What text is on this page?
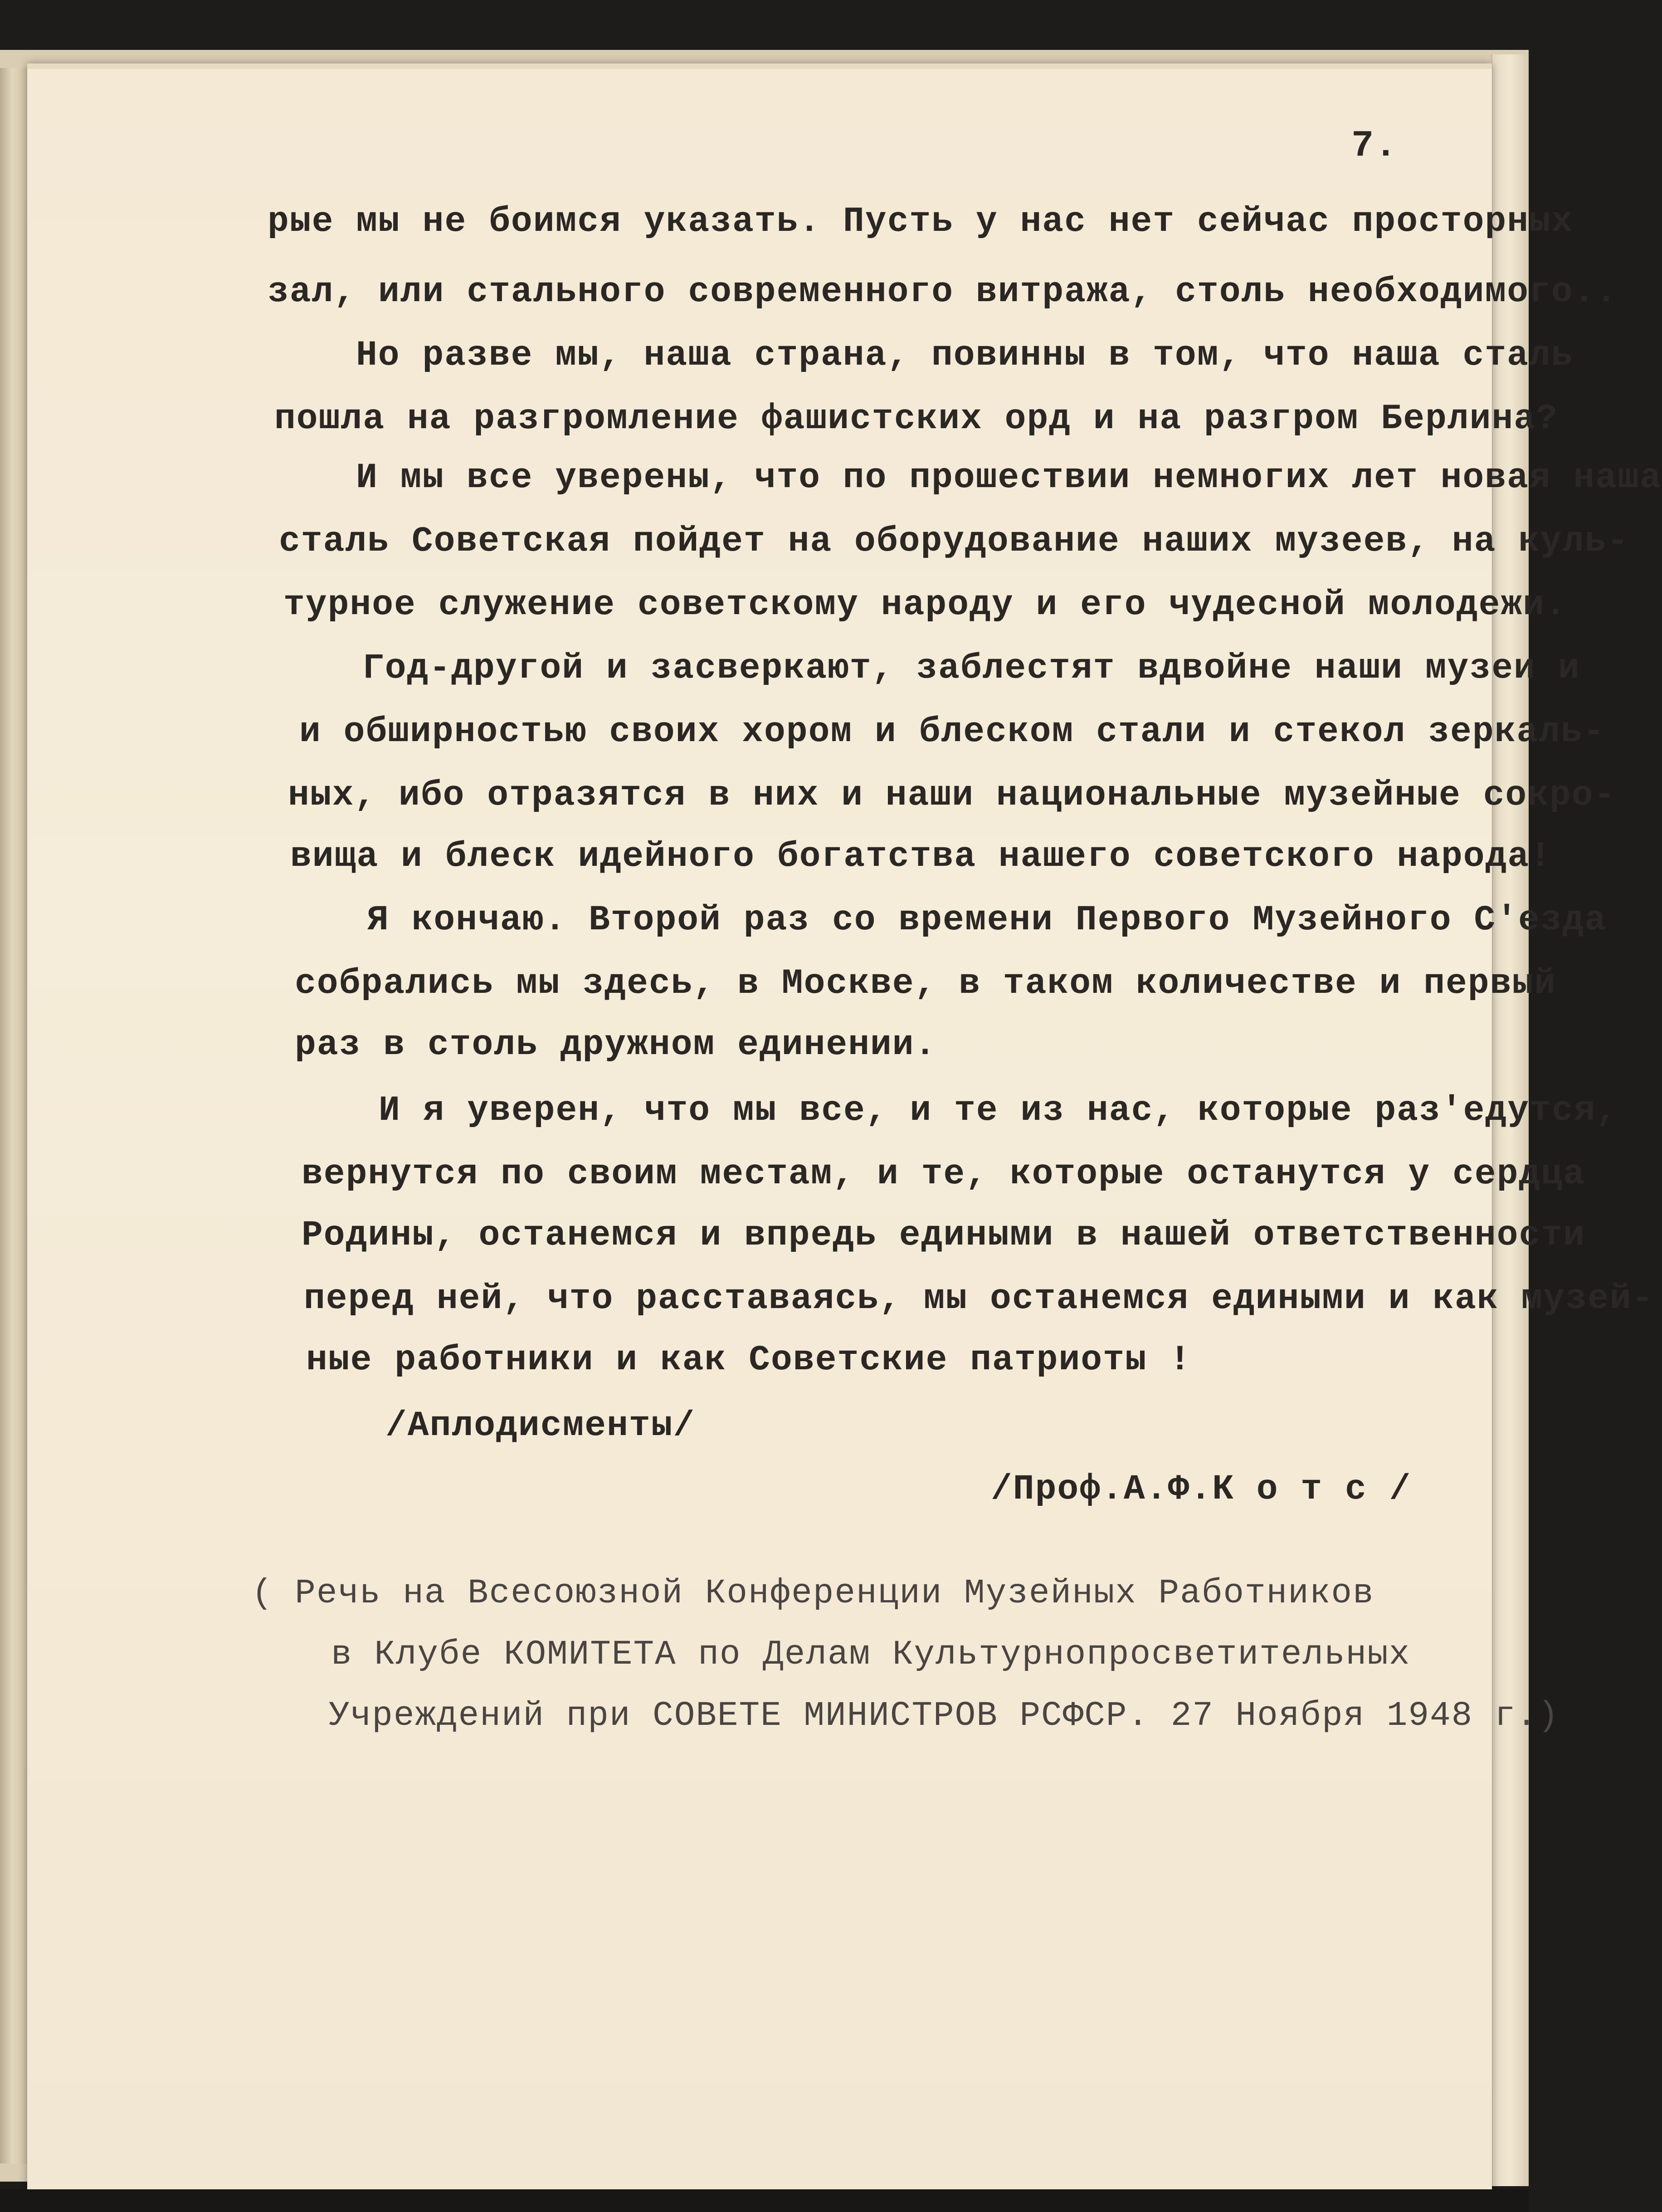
7.
рые мы не боимся указать. Пусть у нас нет сейчас просторных
зал, или стального современного витража, столь необходимого..
Но разве мы, наша страна, повинны в том, что наша сталь
пошла на разгромление фашистских орд и на разгром Берлина?
И мы все уверены, что по прошествии немногих лет новая наша
сталь Советская пойдет на оборудование наших музеев, на куль-
турное служение советскому народу и его чудесной молодежи.
Год-другой и засверкают, заблестят вдвойне наши музеи и
и обширностью своих хором и блеском стали и стекол зеркаль-
ных, ибо отразятся в них и наши национальные музейные сокро-
вища и блеск идейного богатства нашего советского народа!
Я кончаю. Второй раз со времени Первого Музейного С'езда
собрались мы здесь, в Москве, в таком количестве и первый
раз в столь дружном единении.
И я уверен, что мы все, и те из нас, которые раз'едутся,
вернутся по своим местам, и те, которые останутся у сердца
Родины, останемся и впредь едиными в нашей ответственности
перед ней, что расставаясь, мы останемся едиными и как музей-
ные работники и как Советские патриоты !
/Аплодисменты/
/Проф.А.Ф.К о т с /
( Речь на Всесоюзной Конференции Музейных Работников
в Клубе КОМИТЕТА по Делам Культурнопросветительных
Учреждений при СОВЕТЕ МИНИСТРОВ РСФСР. 27 Ноября 1948 г.)
